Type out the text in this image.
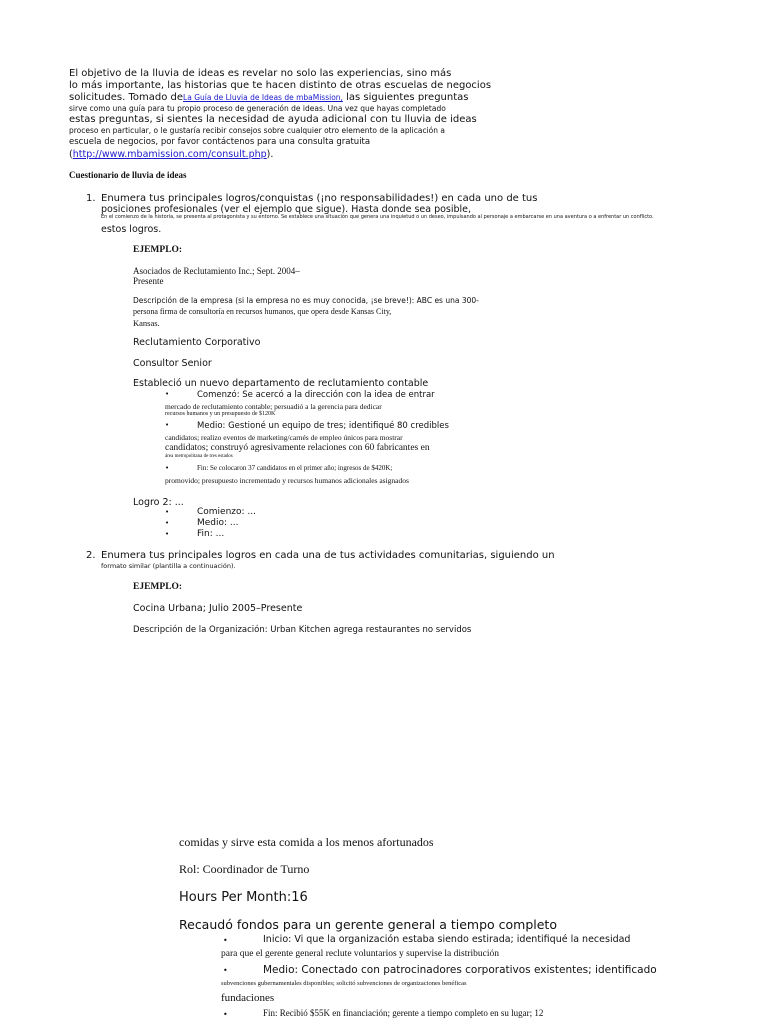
El objetivo de la lluvia de ideas es revelar no solo las experiencias, sino más
lo más importante, las historias que te hacen distinto de otras escuelas de negocios
solicitudes. Tomado deLa Guía de Lluvia de Ideas de mbaMission, las siguientes preguntas
sirve como una guía para tu propio proceso de generación de ideas. Una vez que hayas completado
estas preguntas, si sientes la necesidad de ayuda adicional con tu lluvia de ideas
proceso en particular, o le gustaría recibir consejos sobre cualquier otro elemento de la aplicación a
escuela de negocios, por favor contáctenos para una consulta gratuita
(http://www.mbamission.com/consult.php).
Cuestionario de lluvia de ideas
1. Enumera tus principales logros/conquistas (¡no responsabilidades!) en cada uno de tus
posiciones profesionales (ver el ejemplo que sigue). Hasta donde sea posible,
En el comienzo de la historia, se presenta al protagonista y su entorno. Se establece una situación que genera una inquietud o un deseo, impulsando al personaje a embarcarse en una aventura o a enfrentar un conflicto.
estos logros.
EJEMPLO:
Asociados de Reclutamiento Inc.; Sept. 2004–
Presente
Descripción de la empresa (si la empresa no es muy conocida, ¡se breve!): ABC es una 300-
persona firma de consultoría en recursos humanos, que opera desde Kansas City,
Kansas.
Reclutamiento Corporativo
Consultor Senior
Estableció un nuevo departamento de reclutamiento contable
•
Comenzó: Se acercó a la dirección con la idea de entrar
mercado de reclutamiento contable; persuadió a la gerencia para dedicar
recursos humanos y un presupuesto de $120K
•
Medio: Gestioné un equipo de tres; identifiqué 80 credibles
candidatos; realizo eventos de marketing/carnés de empleo únicos para mostrar
candidatos; construyó agresivamente relaciones con 60 fabricantes en
área metropolitana de tres estados
•
Fin: Se colocaron 37 candidatos en el primer año; ingresos de $420K;
promovido; presupuesto incrementado y recursos humanos adicionales asignados
Logro 2: ...
•
Comienzo: ...
•
Medio: ...
•
Fin: ...
2. Enumera tus principales logros en cada una de tus actividades comunitarias, siguiendo un
formato similar (plantilla a continuación).
EJEMPLO:
Cocina Urbana; Julio 2005–Presente
Descripción de la Organización: Urban Kitchen agrega restaurantes no servidos
comidas y sirve esta comida a los menos afortunados
Rol: Coordinador de Turno
Hours Per Month:16
Recaudó fondos para un gerente general a tiempo completo
•
Inicio: Vi que la organización estaba siendo estirada; identifiqué la necesidad
para que el gerente general reclute voluntarios y supervise la distribución
•
Medio: Conectado con patrocinadores corporativos existentes; identificado
subvenciones gubernamentales disponibles; solicitó subvenciones de organizaciones benéficas
fundaciones
•
Fin: Recibió $55K en financiación; gerente a tiempo completo en su lugar; 12
